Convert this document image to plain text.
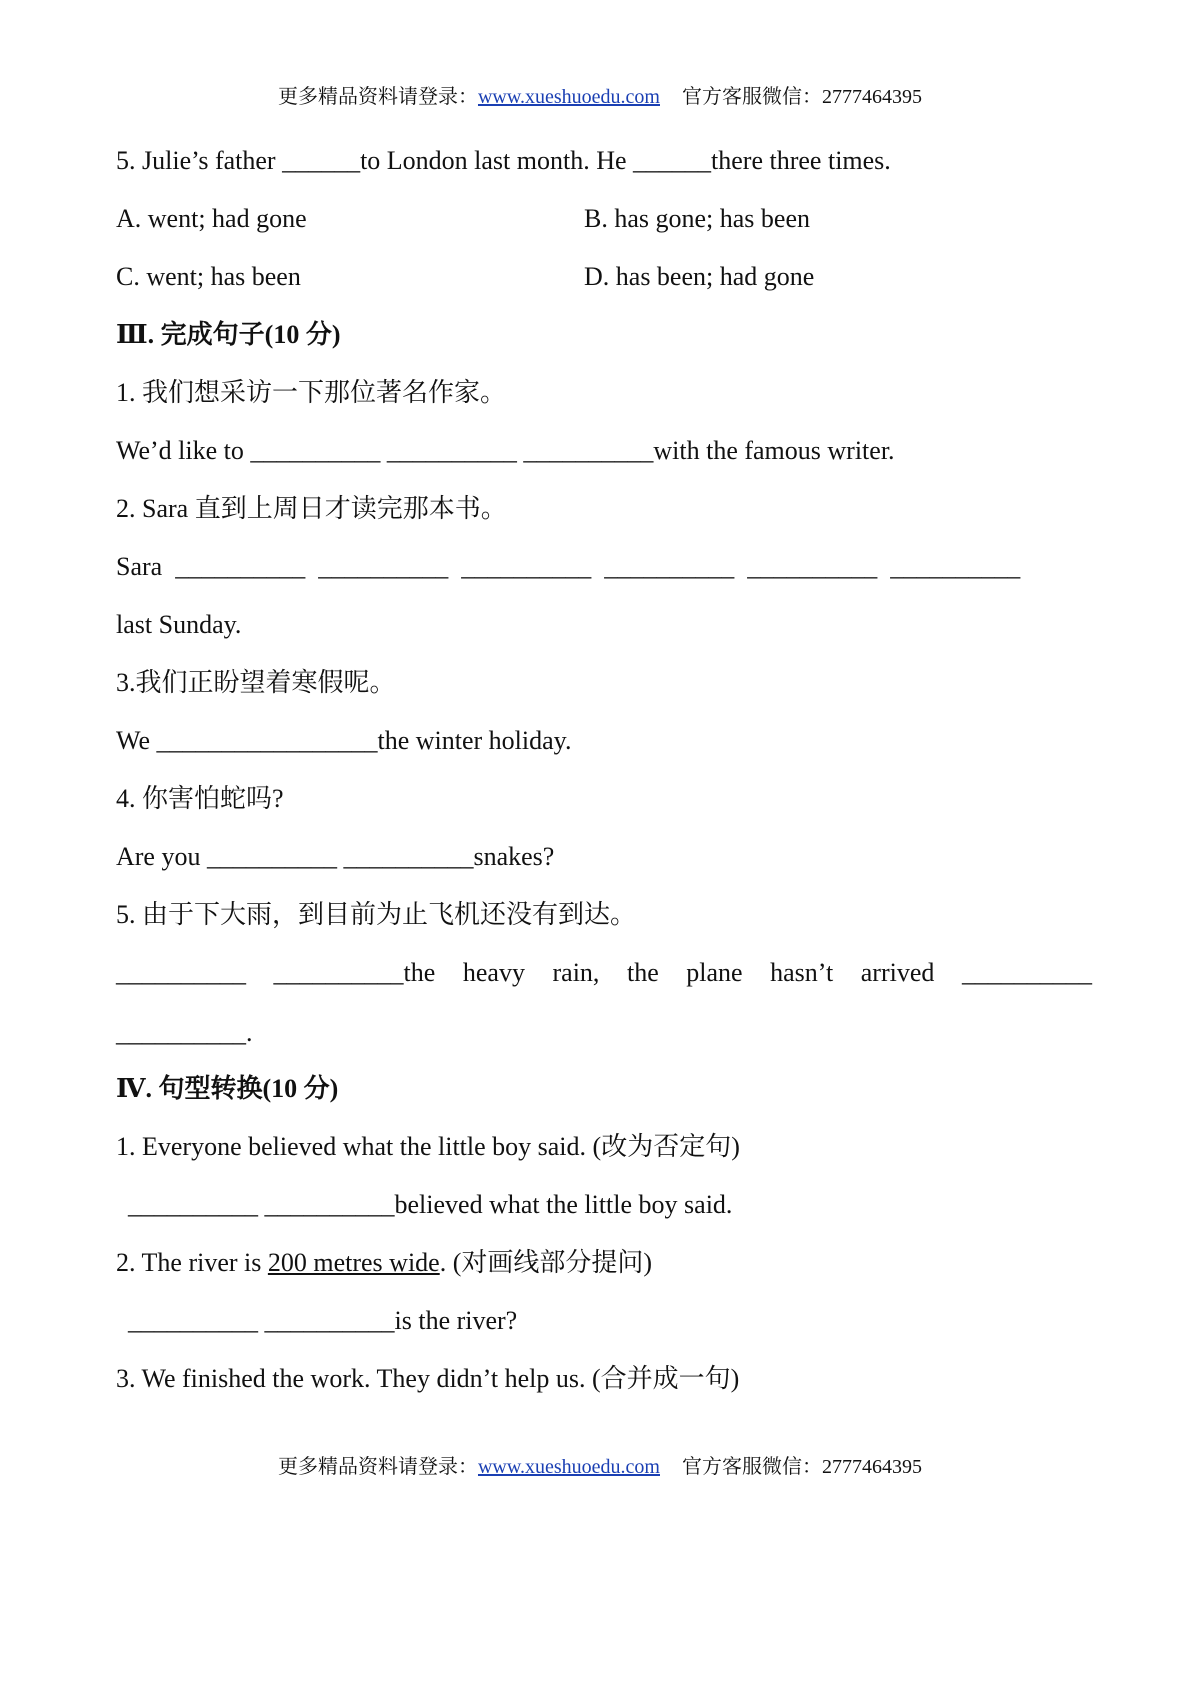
更多精品资料请登录：www.xueshuoedu.com 官方客服微信：2777464395
5. Julie’s father ______to London last month. He ______there three times.
A. went; had gone	B. has gone; has been
C. went; has been	D. has been; had gone
Ⅲ. 完成句子(10 分)
1. 我们想采访一下那位著名作家。
We’d like to __________ __________ __________with the famous writer.
2. Sara 直到上周日才读完那本书。
Sara  __________  __________  __________  __________  __________  __________
last Sunday.
3.我们正盼望着寒假呢。
We _________________the winter holiday.
4. 你害怕蛇吗?
Are you __________ __________snakes?
5. 由于下大雨，到目前为止飞机还没有到达。
__________ __________the heavy rain, the plane hasn’t arrived __________
__________.
Ⅳ. 句型转换(10 分)
1. Everyone believed what the little boy said. (改为否定句)
__________ __________believed what the little boy said.
2. The river is 200 metres wide. (对画线部分提问)
__________ __________is the river?
3. We finished the work. They didn’t help us. (合并成一句)
更多精品资料请登录：www.xueshuoedu.com 官方客服微信：2777464395
